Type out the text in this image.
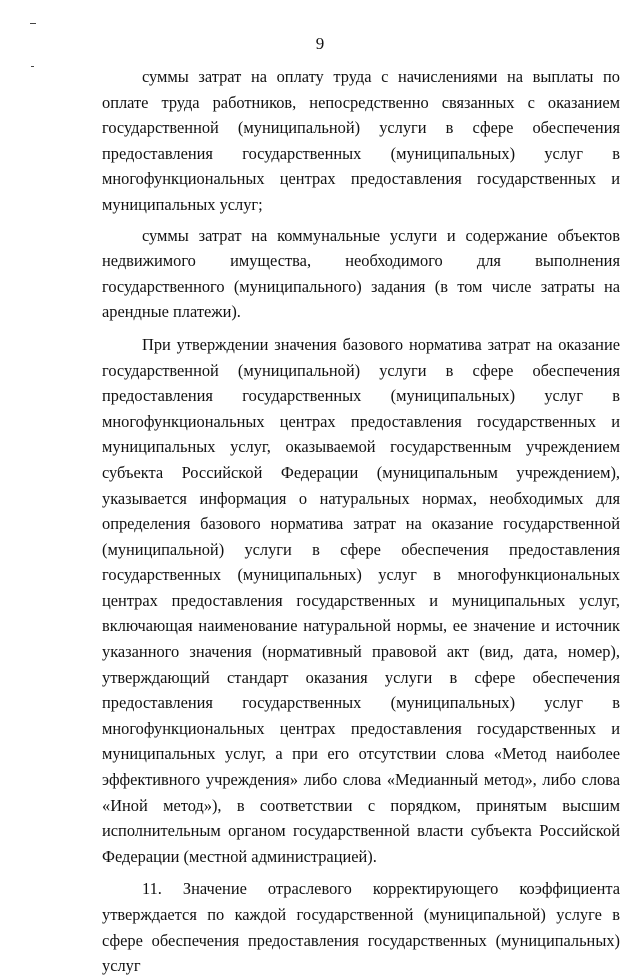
9

суммы затрат на оплату труда с начислениями на выплаты по оплате труда работников, непосредственно связанных с оказанием государственной (муниципальной) услуги в сфере обеспечения предоставления государственных (муниципальных) услуг в многофункциональных центрах предоставления государственных и муниципальных услуг;

суммы затрат на коммунальные услуги и содержание объектов недвижимого имущества, необходимого для выполнения государственного (муниципального) задания (в том числе затраты на арендные платежи).

При утверждении значения базового норматива затрат на оказание государственной (муниципальной) услуги в сфере обеспечения предоставления государственных (муниципальных) услуг в многофункциональных центрах предоставления государственных и муниципальных услуг, оказываемой государственным учреждением субъекта Российской Федерации (муниципальным учреждением), указывается информация о натуральных нормах, необходимых для определения базового норматива затрат на оказание государственной (муниципальной) услуги в сфере обеспечения предоставления государственных (муниципальных) услуг в многофункциональных центрах предоставления государственных и муниципальных услуг, включающая наименование натуральной нормы, ее значение и источник указанного значения (нормативный правовой акт (вид, дата, номер), утверждающий стандарт оказания услуги в сфере обеспечения предоставления государственных (муниципальных) услуг в многофункциональных центрах предоставления государственных и муниципальных услуг, а при его отсутствии слова «Метод наиболее эффективного учреждения» либо слова «Медианный метод», либо слова «Иной метод»), в соответствии с порядком, принятым высшим исполнительным органом государственной власти субъекта Российской Федерации (местной администрацией).

11. Значение отраслевого корректирующего коэффициента утверждается по каждой государственной (муниципальной) услуге в сфере обеспечения предоставления государственных (муниципальных) услуг
